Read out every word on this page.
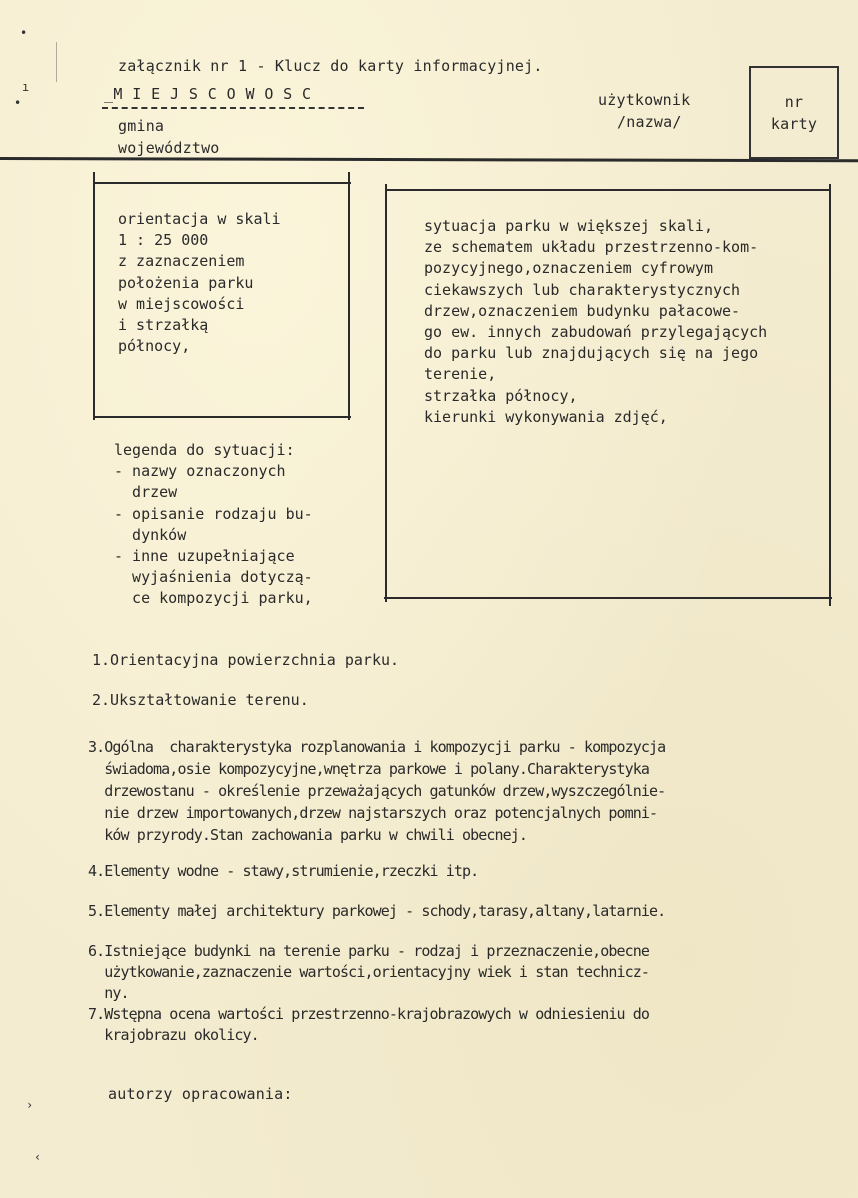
•
ı
•
załącznik nr 1 - Klucz do karty informacyjnej.
_M I E J S C O W O S C
gmina
województwo
użytkownik
/nazwa/
nr
karty
orientacja w skali
1 : 25 000
z zaznaczeniem
położenia parku
w miejscowości
i strzałką
północy,
sytuacja parku w większej skali,
ze schematem układu przestrzenno-kom-
pozycyjnego,oznaczeniem cyfrowym
ciekawszych lub charakterystycznych
drzew,oznaczeniem budynku pałacowe-
go ew. innych zabudowań przylegających
do parku lub znajdujących się na jego
terenie,
strzałka północy,
kierunki wykonywania zdjęć,
legenda do sytuacji:
- nazwy oznaczonych
drzew
- opisanie rodzaju bu-
dynków
- inne uzupełniające
wyjaśnienia dotyczą-
ce kompozycji parku,
1.Orientacyjna powierzchnia parku.
2.Ukształtowanie terenu.
3.Ogólna  charakterystyka rozplanowania i kompozycji parku - kompozycja
świadoma,osie kompozycyjne,wnętrza parkowe i polany.Charakterystyka
drzewostanu - określenie przeważających gatunków drzew,wyszczególnie-
nie drzew importowanych,drzew najstarszych oraz potencjalnych pomni-
ków przyrody.Stan zachowania parku w chwili obecnej.
4.Elementy wodne - stawy,strumienie,rzeczki itp.
5.Elementy małej architektury parkowej - schody,tarasy,altany,latarnie.
6.Istniejące budynki na terenie parku - rodzaj i przeznaczenie,obecne
użytkowanie,zaznaczenie wartości,orientacyjny wiek i stan technicz-
ny.
7.Wstępna ocena wartości przestrzenno-krajobrazowych w odniesieniu do
krajobrazu okolicy.
autorzy opracowania:
›
‹
